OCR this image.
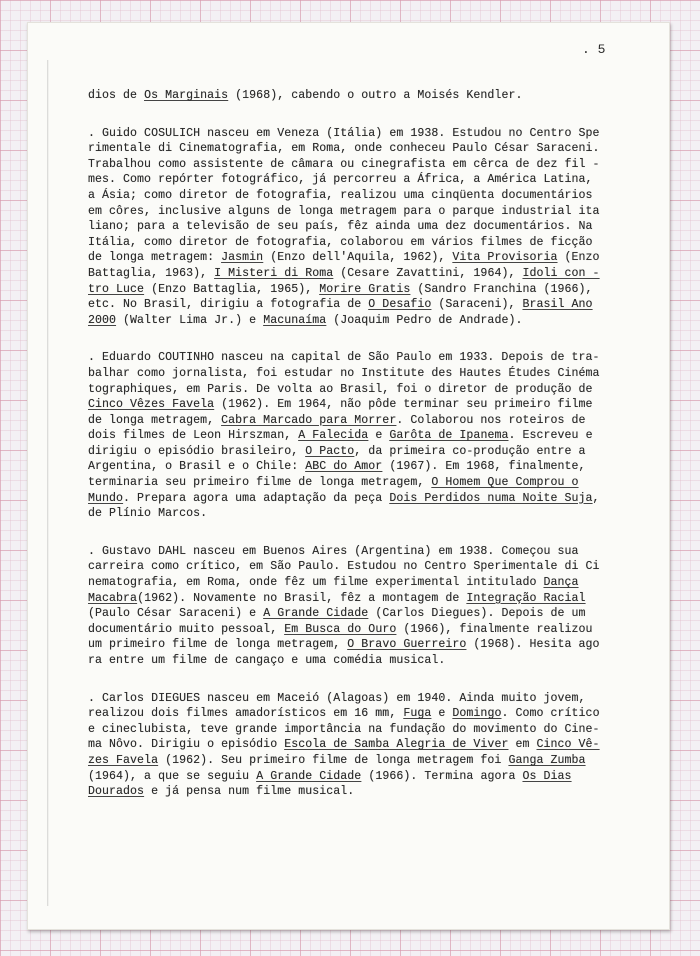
. 5
dios de Os Marginais (1968), cabendo o outro a Moisés Kendler.
. Guido COSULICH nasceu em Veneza (Itália) em 1938. Estudou no Centro Spe
rimentale di Cinematografia, em Roma, onde conheceu Paulo César Saraceni.
Trabalhou como assistente de câmara ou cinegrafista em cêrca de dez fil -
mes. Como repórter fotográfico, já percorreu a África, a América Latina,
a Ásia; como diretor de fotografia, realizou uma cinqüenta documentários
em côres, inclusive alguns de longa metragem para o parque industrial ita
liano; para a televisão de seu país, fêz ainda uma dez documentários. Na
Itália, como diretor de fotografia, colaborou em vários filmes de ficção
de longa metragem: Jasmin (Enzo dell'Aquila, 1962), Vita Provisoria (Enzo
Battaglia, 1963), I Misteri di Roma (Cesare Zavattini, 1964), Idoli con -
tro Luce (Enzo Battaglia, 1965), Morire Gratis (Sandro Franchina (1966),
etc. No Brasil, dirigiu a fotografia de O Desafio (Saraceni), Brasil Ano
2000 (Walter Lima Jr.) e Macunaíma (Joaquim Pedro de Andrade).
. Eduardo COUTINHO nasceu na capital de São Paulo em 1933. Depois de tra-
balhar como jornalista, foi estudar no Institute des Hautes Études Cinéma
tographiques, em Paris. De volta ao Brasil, foi o diretor de produção de
Cinco Vêzes Favela (1962). Em 1964, não pôde terminar seu primeiro filme
de longa metragem, Cabra Marcado para Morrer. Colaborou nos roteiros de
dois filmes de Leon Hirszman, A Falecida e Garôta de Ipanema. Escreveu e
dirigiu o episódio brasileiro, O Pacto, da primeira co-produção entre a
Argentina, o Brasil e o Chile: ABC do Amor (1967). Em 1968, finalmente,
terminaria seu primeiro filme de longa metragem, O Homem Que Comprou o
Mundo. Prepara agora uma adaptação da peça Dois Perdidos numa Noite Suja,
de Plínio Marcos.
. Gustavo DAHL nasceu em Buenos Aires (Argentina) em 1938. Começou sua
carreira como crítico, em São Paulo. Estudou no Centro Sperimentale di Ci
nematografia, em Roma, onde fêz um filme experimental intitulado Dança
Macabra(1962). Novamente no Brasil, fêz a montagem de Integração Racial
(Paulo César Saraceni) e A Grande Cidade (Carlos Diegues). Depois de um
documentário muito pessoal, Em Busca do Ouro (1966), finalmente realizou
um primeiro filme de longa metragem, O Bravo Guerreiro (1968). Hesita ago
ra entre um filme de cangaço e uma comédia musical.
. Carlos DIEGUES nasceu em Maceió (Alagoas) em 1940. Ainda muito jovem,
realizou dois filmes amadorísticos em 16 mm, Fuga e Domingo. Como crítico
e cineclubista, teve grande importância na fundação do movimento do Cine-
ma Nôvo. Dirigiu o episódio Escola de Samba Alegria de Viver em Cinco Vê-
zes Favela (1962). Seu primeiro filme de longa metragem foi Ganga Zumba
(1964), a que se seguiu A Grande Cidade (1966). Termina agora Os Dias
Dourados e já pensa num filme musical.
